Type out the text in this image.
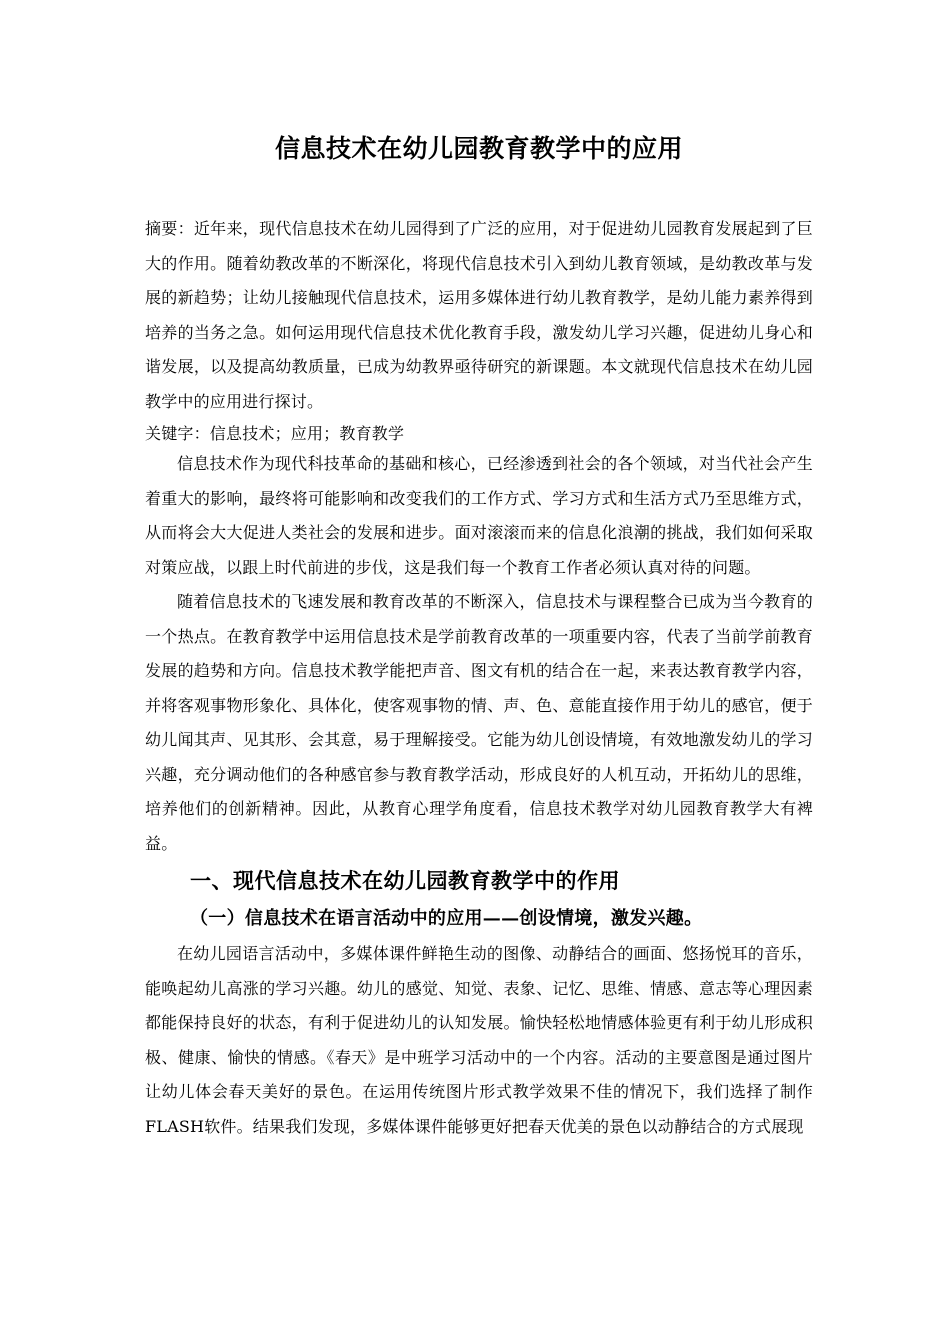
信息技术在幼儿园教育教学中的应用

摘要：近年来，现代信息技术在幼儿园得到了广泛的应用，对于促进幼儿园教育发展起到了巨大的作用。随着幼教改革的不断深化，将现代信息技术引入到幼儿教育领域，是幼教改革与发展的新趋势；让幼儿接触现代信息技术，运用多媒体进行幼儿教育教学，是幼儿能力素养得到培养的当务之急。如何运用现代信息技术优化教育手段，激发幼儿学习兴趣，促进幼儿身心和谐发展，以及提高幼教质量，已成为幼教界亟待研究的新课题。本文就现代信息技术在幼儿园教学中的应用进行探讨。

关键字：信息技术；应用；教育教学

信息技术作为现代科技革命的基础和核心，已经渗透到社会的各个领域，对当代社会产生着重大的影响，最终将可能影响和改变我们的工作方式、学习方式和生活方式乃至思维方式，从而将会大大促进人类社会的发展和进步。面对滚滚而来的信息化浪潮的挑战，我们如何采取对策应战，以跟上时代前进的步伐，这是我们每一个教育工作者必须认真对待的问题。

随着信息技术的飞速发展和教育改革的不断深入，信息技术与课程整合已成为当今教育的一个热点。在教育教学中运用信息技术是学前教育改革的一项重要内容，代表了当前学前教育发展的趋势和方向。信息技术教学能把声音、图文有机的结合在一起，来表达教育教学内容，并将客观事物形象化、具体化，使客观事物的情、声、色、意能直接作用于幼儿的感官，便于幼儿闻其声、见其形、会其意，易于理解接受。它能为幼儿创设情境，有效地激发幼儿的学习兴趣，充分调动他们的各种感官参与教育教学活动，形成良好的人机互动，开拓幼儿的思维，培养他们的创新精神。因此，从教育心理学角度看，信息技术教学对幼儿园教育教学大有裨益。

一、现代信息技术在幼儿园教育教学中的作用
（一）信息技术在语言活动中的应用——创设情境，激发兴趣。

在幼儿园语言活动中，多媒体课件鲜艳生动的图像、动静结合的画面、悠扬悦耳的音乐，能唤起幼儿高涨的学习兴趣。幼儿的感觉、知觉、表象、记忆、思维、情感、意志等心理因素都能保持良好的状态，有利于促进幼儿的认知发展。愉快轻松地情感体验更有利于幼儿形成积极、健康、愉快的情感。《春天》是中班学习活动中的一个内容。活动的主要意图是通过图片让幼儿体会春天美好的景色。在运用传统图片形式教学效果不佳的情况下，我们选择了制作FLASH软件。结果我们发现，多媒体课件能够更好把春天优美的景色以动静结合的方式展现
